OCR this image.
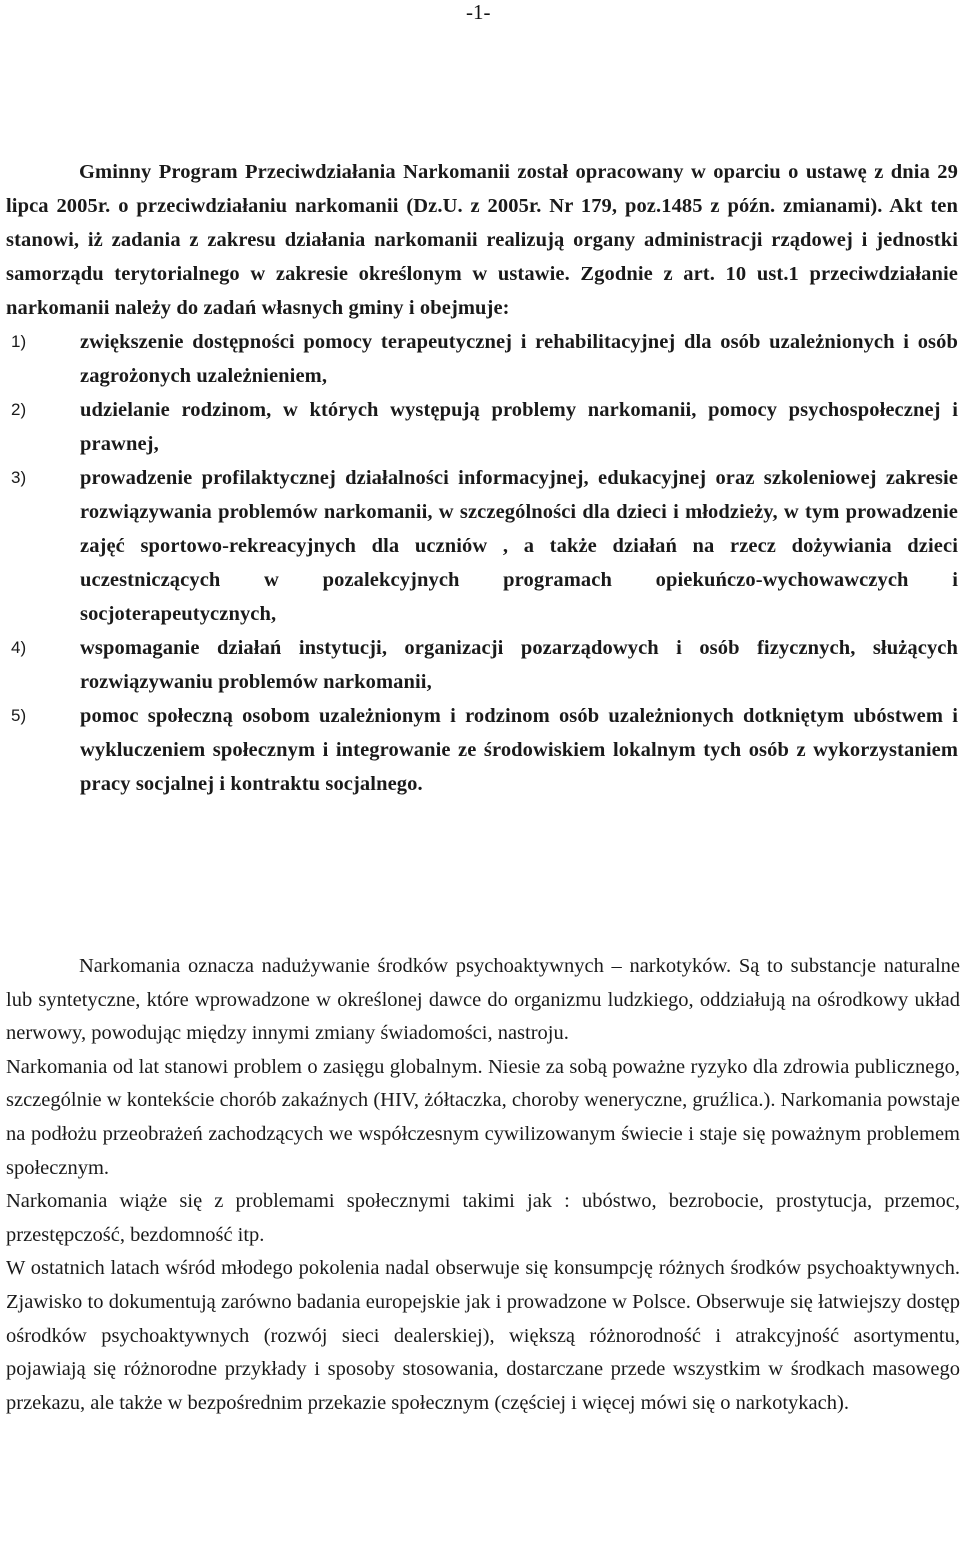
-1-

Gminny Program Przeciwdziałania Narkomanii został opracowany w oparciu o ustawę z dnia 29 lipca 2005r. o przeciwdziałaniu narkomanii (Dz.U. z 2005r. Nr 179, poz.1485 z późn. zmianami). Akt ten stanowi, iż zadania z zakresu działania narkomanii realizują organy administracji rządowej i jednostki samorządu terytorialnego w zakresie określonym w ustawie. Zgodnie z art. 10 ust.1 przeciwdziałanie narkomanii należy do zadań własnych gminy i obejmuje:

1)	zwiększenie dostępności pomocy terapeutycznej i rehabilitacyjnej dla osób uzależnionych i osób zagrożonych uzależnieniem,
2)	udzielanie rodzinom, w których występują problemy narkomanii, pomocy psychospołecznej i prawnej,
3)	prowadzenie profilaktycznej działalności informacyjnej, edukacyjnej oraz szkoleniowej zakresie rozwiązywania problemów narkomanii, w szczególności dla dzieci i młodzieży, w tym prowadzenie zajęć sportowo-rekreacyjnych dla uczniów , a także działań na rzecz dożywiania dzieci uczestniczących w pozalekcyjnych programach opiekuńczo-wychowawczych i socjoterapeutycznych,
4)	wspomaganie działań instytucji, organizacji pozarządowych i osób fizycznych, służących rozwiązywaniu problemów narkomanii,
5)	pomoc społeczną osobom uzależnionym i rodzinom osób uzależnionych dotkniętym ubóstwem i wykluczeniem społecznym i integrowanie ze środowiskiem lokalnym tych osób z wykorzystaniem pracy socjalnej i kontraktu socjalnego.

Narkomania oznacza nadużywanie środków psychoaktywnych – narkotyków. Są to substancje naturalne lub syntetyczne, które wprowadzone w określonej dawce do organizmu ludzkiego, oddziałują na ośrodkowy układ nerwowy, powodując między innymi zmiany świadomości, nastroju.

Narkomania od lat stanowi problem o zasięgu globalnym. Niesie za sobą poważne ryzyko dla zdrowia publicznego, szczególnie w kontekście chorób zakaźnych (HIV, żółtaczka, choroby weneryczne, gruźlica.). Narkomania powstaje na podłożu przeobrażeń zachodzących we współczesnym cywilizowanym świecie i staje się poważnym problemem społecznym.

Narkomania wiąże się z problemami społecznymi takimi jak : ubóstwo, bezrobocie, prostytucja, przemoc, przestępczość, bezdomność itp.

W ostatnich latach wśród młodego pokolenia nadal obserwuje się konsumpcję różnych środków psychoaktywnych. Zjawisko to dokumentują zarówno badania europejskie jak i prowadzone w Polsce. Obserwuje się łatwiejszy dostęp ośrodków psychoaktywnych (rozwój sieci dealerskiej), większą różnorodność i atrakcyjność asortymentu, pojawiają się różnorodne przykłady i sposoby stosowania, dostarczane przede wszystkim w środkach masowego przekazu, ale także w bezpośrednim przekazie społecznym (częściej i więcej mówi się o narkotykach).
